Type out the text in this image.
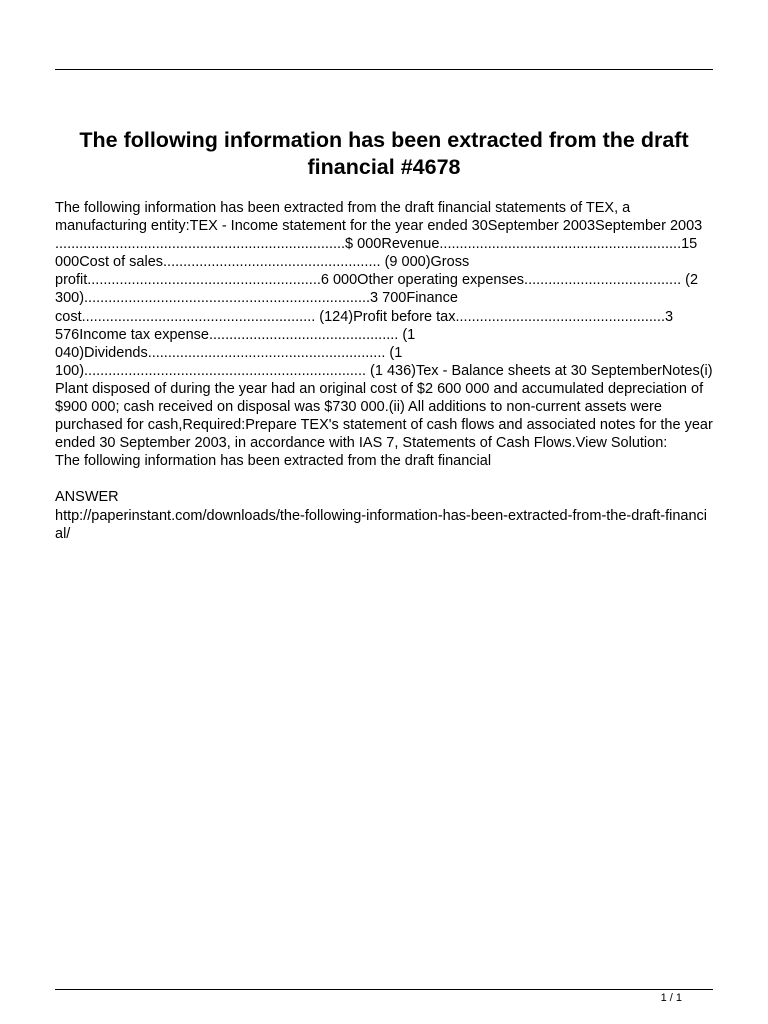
The following information has been extracted from the draft financial #4678

The following information has been extracted from the draft financial statements of TEX, a manufacturing entity:TEX - Income statement for the year ended 30September 2003September 2003 ........................................................................$ 000Revenue............................................................15 000Cost of sales...................................................... (9 000)Gross profit..........................................................6 000Other operating expenses....................................... (2 300).......................................................................3 700Finance cost.......................................................... (124)Profit before tax....................................................3 576Income tax expense............................................... (1 040)Dividends........................................................... (1 100)...................................................................... (1 436)Tex - Balance sheets at 30 SeptemberNotes(i) Plant disposed of during the year had an original cost of $2 600 000 and accumulated depreciation of $900 000; cash received on disposal was $730 000.(ii) All additions to non-current assets were purchased for cash,Required:Prepare TEX's statement of cash flows and associated notes for the year ended 30 September 2003, in accordance with IAS 7, Statements of Cash Flows.View Solution:

The following information has been extracted from the draft financial

ANSWER

http://paperinstant.com/downloads/the-following-information-has-been-extracted-from-the-draft-financial/

1 / 1
